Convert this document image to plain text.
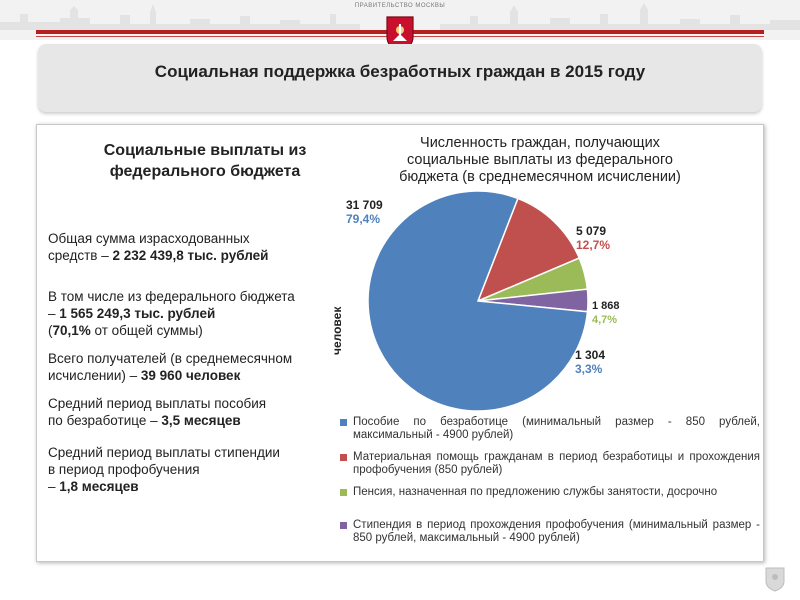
ПРАВИТЕЛЬСТВО МОСКВЫ
Социальная поддержка безработных граждан в 2015 году
Социальные выплаты из
федерального бюджета
Общая сумма израсходованных
средств – 2 232 439,8 тыс. рублей
В том числе из федерального бюджета
– 1 565 249,3 тыс. рублей
(70,1% от общей суммы)
Всего получателей (в среднемесячном
исчислении) – 39 960 человек
Средний период выплаты пособия
по безработице – 3,5 месяцев
Средний период выплаты стипендии
в период профобучения
– 1,8 месяцев
Численность граждан, получающих
социальные выплаты из федерального
бюджета (в среднемесячном исчислении)
человек
31 709
79,4%
5 079
12,7%
1 868
4,7%
1 304
3,3%
Пособие по безработице (минимальный размер - 850 рублей, максимальный - 4900 рублей)
Материальная помощь гражданам в период безработицы и прохождения профобучения (850 рублей)
Пенсия, назначенная по предложению службы занятости, досрочно
Стипендия в период прохождения профобучения (минимальный размер - 850 рублей, максимальный - 4900 рублей)
